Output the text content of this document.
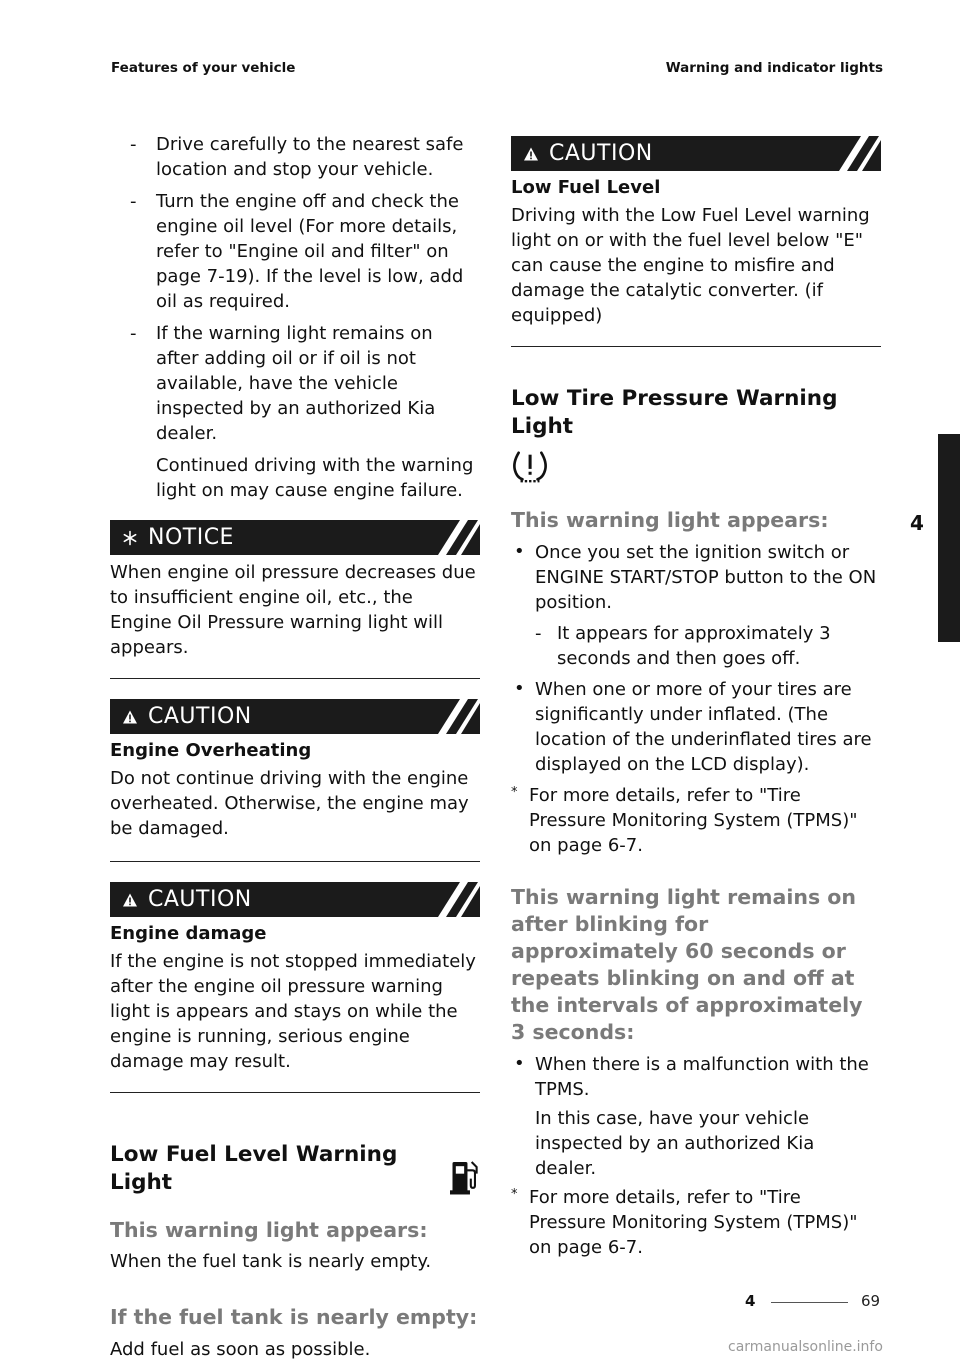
Features of your vehicle	Warning and indicator lights
- Drive carefully to the nearest safe location and stop your vehicle.
- Turn the engine off and check the engine oil level (For more details, refer to "Engine oil and filter" on page 7-19). If the level is low, add oil as required.
- If the warning light remains on after adding oil or if oil is not available, have the vehicle inspected by an authorized Kia dealer.
Continued driving with the warning light on may cause engine failure.
NOTICE
When engine oil pressure decreases due to insufficient engine oil, etc., the Engine Oil Pressure warning light will appears.
CAUTION
Engine Overheating
Do not continue driving with the engine overheated. Otherwise, the engine may be damaged.
CAUTION
Engine damage
If the engine is not stopped immediately after the engine oil pressure warning light is appears and stays on while the engine is running, serious engine damage may result.
Low Fuel Level Warning Light
This warning light appears:

When the fuel tank is nearly empty.

If the fuel tank is nearly empty:

Add fuel as soon as possible.

CAUTION
Low Fuel Level
Driving with the Low Fuel Level warning light on or with the fuel level below "E" can cause the engine to misfire and damage the catalytic converter. (if equipped)
Low Tire Pressure Warning Light
This warning light appears:
• Once you set the ignition switch or ENGINE START/STOP button to the ON position.
- It appears for approximately 3 seconds and then goes off.
• When one or more of your tires are significantly under inflated. (The location of the underinflated tires are displayed on the LCD display).
* For more details, refer to "Tire Pressure Monitoring System (TPMS)" on page 6-7.
This warning light remains on after blinking for approximately 60 seconds or repeats blinking on and off at the intervals of approximately 3 seconds:
• When there is a malfunction with the TPMS.
In this case, have your vehicle inspected by an authorized Kia dealer.
* For more details, refer to "Tire Pressure Monitoring System (TPMS)" on page 6-7.
4
4	69
carmanualsonline.info
